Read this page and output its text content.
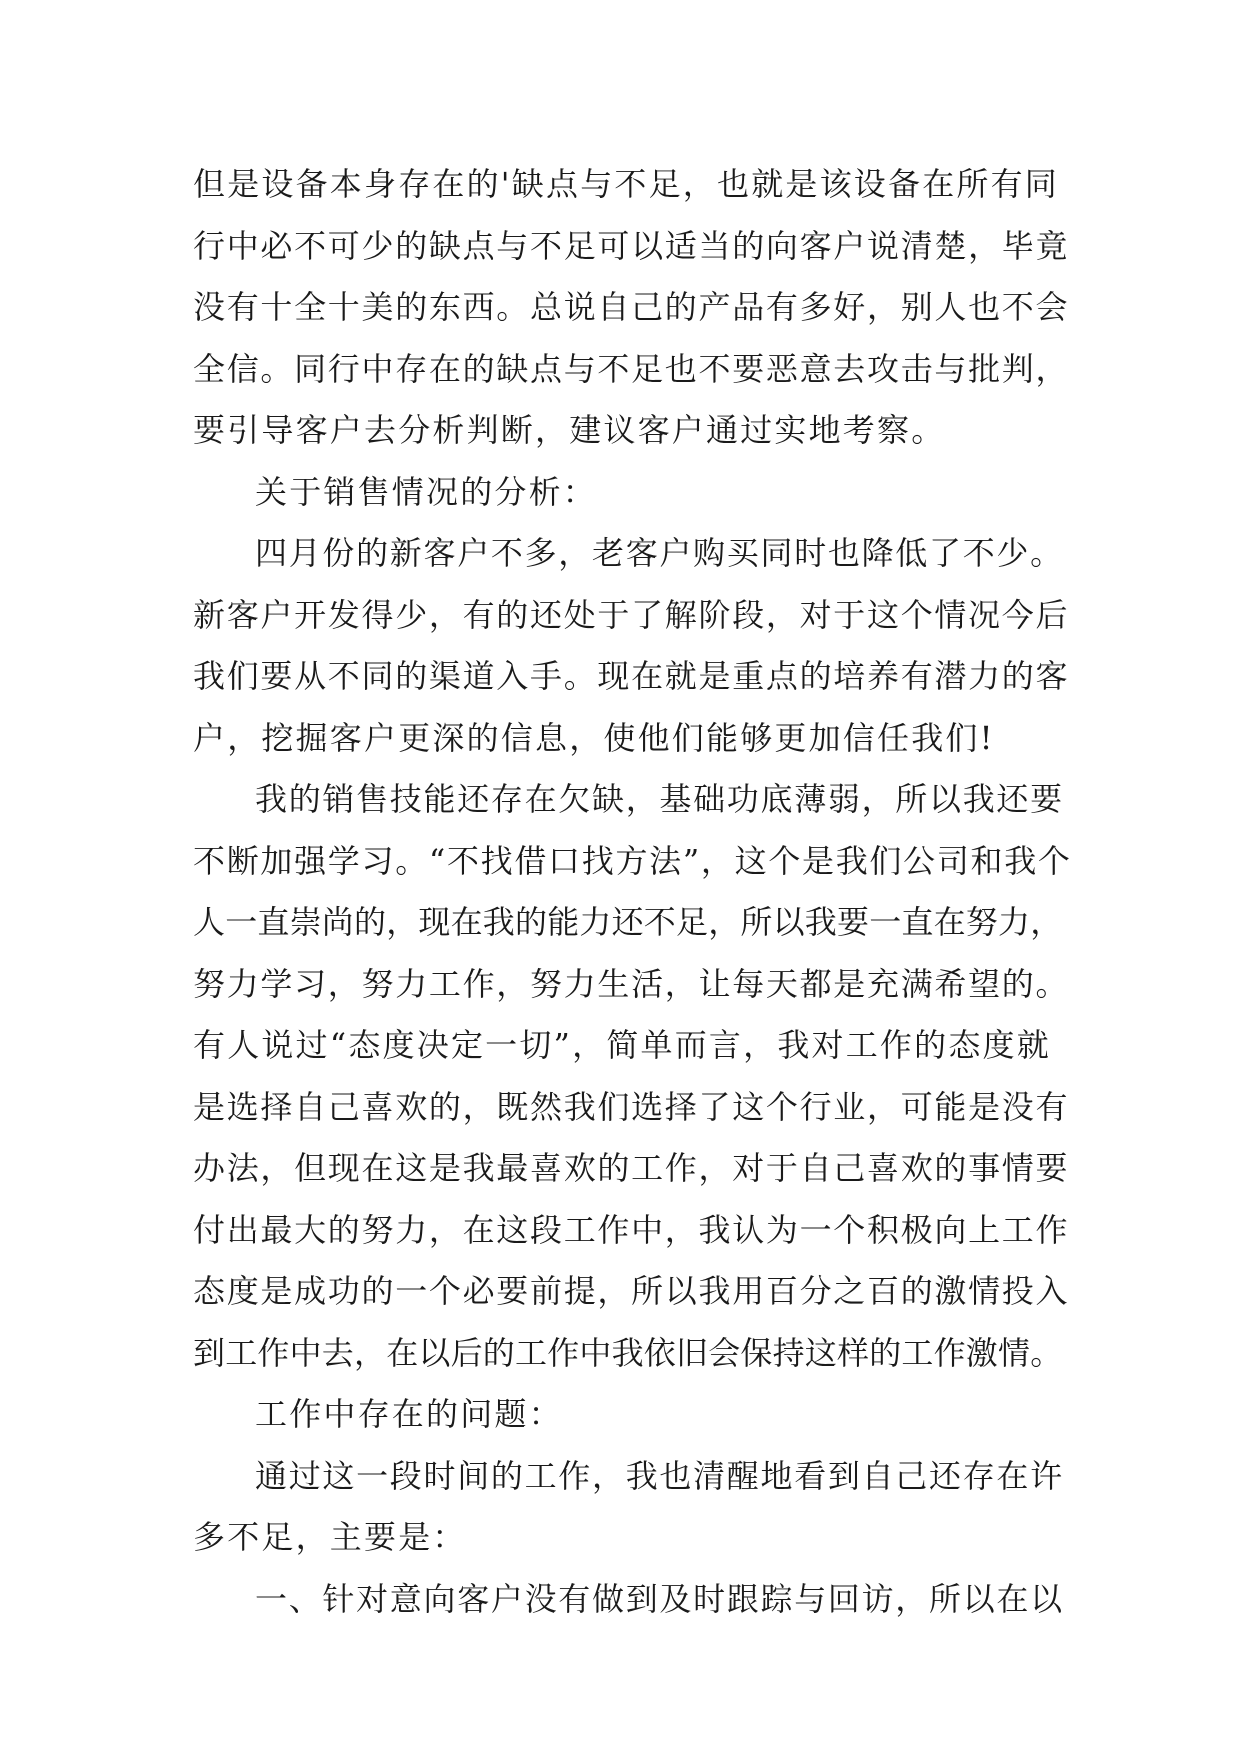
但是设备本身存在的'缺点与不足，也就是该设备在所有同
行中必不可少的缺点与不足可以适当的向客户说清楚，毕竟
没有十全十美的东西。总说自己的产品有多好，别人也不会
全信。同行中存在的缺点与不足也不要恶意去攻击与批判，
要引导客户去分析判断，建议客户通过实地考察。
关于销售情况的分析：
四月份的新客户不多，老客户购买同时也降低了不少。
新客户开发得少，有的还处于了解阶段，对于这个情况今后
我们要从不同的渠道入手。现在就是重点的培养有潜力的客
户，挖掘客户更深的信息，使他们能够更加信任我们!
我的销售技能还存在欠缺，基础功底薄弱，所以我还要
不断加强学习。“不找借口找方法”，这个是我们公司和我个
人一直崇尚的，现在我的能力还不足，所以我要一直在努力，
努力学习，努力工作，努力生活，让每天都是充满希望的。
有人说过“态度决定一切”，简单而言，我对工作的态度就
是选择自己喜欢的，既然我们选择了这个行业，可能是没有
办法，但现在这是我最喜欢的工作，对于自己喜欢的事情要
付出最大的努力，在这段工作中，我认为一个积极向上工作
态度是成功的一个必要前提，所以我用百分之百的激情投入
到工作中去，在以后的工作中我依旧会保持这样的工作激情。
工作中存在的问题：
通过这一段时间的工作，我也清醒地看到自己还存在许
多不足，主要是：
一、针对意向客户没有做到及时跟踪与回访，所以在以
